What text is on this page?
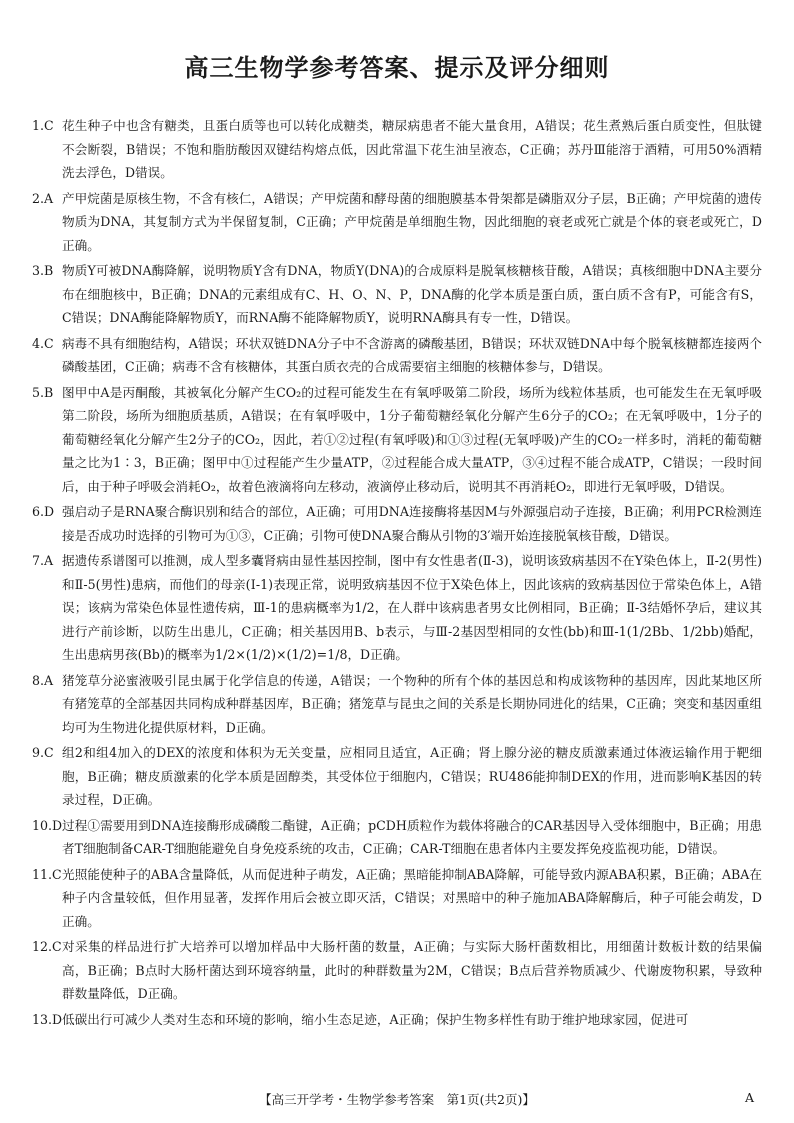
高三生物学参考答案、提示及评分细则
1.C 花生种子中也含有糖类，且蛋白质等也可以转化成糖类，糖尿病患者不能大量食用，A错误；花生煮熟后蛋白质变性，但肽键不会断裂，B错误；不饱和脂肪酸因双键结构熔点低，因此常温下花生油呈液态，C正确；苏丹Ⅲ能溶于酒精，可用50%酒精洗去浮色，D错误。
2.A 产甲烷菌是原核生物，不含有核仁，A错误；产甲烷菌和酵母菌的细胞膜基本骨架都是磷脂双分子层，B正确；产甲烷菌的遗传物质为DNA，其复制方式为半保留复制，C正确；产甲烷菌是单细胞生物，因此细胞的衰老或死亡就是个体的衰老或死亡，D正确。
3.B 物质Y可被DNA酶降解，说明物质Y含有DNA，物质Y(DNA)的合成原料是脱氧核糖核苷酸，A错误；真核细胞中DNA主要分布在细胞核中，B正确；DNA的元素组成有C、H、O、N、P，DNA酶的化学本质是蛋白质，蛋白质不含有P，可能含有S，C错误；DNA酶能降解物质Y，而RNA酶不能降解物质Y，说明RNA酶具有专一性，D错误。
4.C 病毒不具有细胞结构，A错误；环状双链DNA分子中不含游离的磷酸基团，B错误；环状双链DNA中每个脱氧核糖都连接两个磷酸基团，C正确；病毒不含有核糖体，其蛋白质衣壳的合成需要宿主细胞的核糖体参与，D错误。
5.B 图甲中A是丙酮酸，其被氧化分解产生CO₂的过程可能发生在有氧呼吸第二阶段，场所为线粒体基质，也可能发生在无氧呼吸第二阶段，场所为细胞质基质，A错误；在有氧呼吸中，1分子葡萄糖经氧化分解产生6分子的CO₂；在无氧呼吸中，1分子的葡萄糖经氧化分解产生2分子的CO₂，因此，若①②过程(有氧呼吸)和①③过程(无氧呼吸)产生的CO₂一样多时，消耗的葡萄糖量之比为1∶3，B正确；图甲中①过程能产生少量ATP，②过程能合成大量ATP，③④过程不能合成ATP，C错误；一段时间后，由于种子呼吸会消耗O₂，故着色液滴将向左移动，液滴停止移动后，说明其不再消耗O₂，即进行无氧呼吸，D错误。
6.D 强启动子是RNA聚合酶识别和结合的部位，A正确；可用DNA连接酶将基因M与外源强启动子连接，B正确；利用PCR检测连接是否成功时选择的引物可为①③，C正确；引物可使DNA聚合酶从引物的3′端开始连接脱氧核苷酸，D错误。
7.A 据遗传系谱图可以推测，成人型多囊肾病由显性基因控制，图中有女性患者(Ⅱ-3)，说明该致病基因不在Y染色体上，Ⅱ-2(男性)和Ⅱ-5(男性)患病，而他们的母亲(Ⅰ-1)表现正常，说明致病基因不位于X染色体上，因此该病的致病基因位于常染色体上，A错误；该病为常染色体显性遗传病，Ⅲ-1的患病概率为1/2，在人群中该病患者男女比例相同，B正确；Ⅱ-3结婚怀孕后，建议其进行产前诊断，以防生出患儿，C正确；相关基因用B、b表示，与Ⅲ-2基因型相同的女性(bb)和Ⅲ-1(1/2Bb、1/2bb)婚配，生出患病男孩(Bb)的概率为1/2×(1/2)×(1/2)=1/8，D正确。
8.A 猪笼草分泌蜜液吸引昆虫属于化学信息的传递，A错误；一个物种的所有个体的基因总和构成该物种的基因库，因此某地区所有猪笼草的全部基因共同构成种群基因库，B正确；猪笼草与昆虫之间的关系是长期协同进化的结果，C正确；突变和基因重组均可为生物进化提供原材料，D正确。
9.C 组2和组4加入的DEX的浓度和体积为无关变量，应相同且适宜，A正确；肾上腺分泌的糖皮质激素通过体液运输作用于靶细胞，B正确；糖皮质激素的化学本质是固醇类，其受体位于细胞内，C错误；RU486能抑制DEX的作用，进而影响K基因的转录过程，D正确。
10.D 过程①需要用到DNA连接酶形成磷酸二酯键，A正确；pCDH质粒作为载体将融合的CAR基因导入受体细胞中，B正确；用患者T细胞制备CAR-T细胞能避免自身免疫系统的攻击，C正确；CAR-T细胞在患者体内主要发挥免疫监视功能，D错误。
11.C 光照能使种子的ABA含量降低，从而促进种子萌发，A正确；黑暗能抑制ABA降解，可能导致内源ABA积累，B正确；ABA在种子内含量较低，但作用显著，发挥作用后会被立即灭活，C错误；对黑暗中的种子施加ABA降解酶后，种子可能会萌发，D正确。
12.C 对采集的样品进行扩大培养可以增加样品中大肠杆菌的数量，A正确；与实际大肠杆菌数相比，用细菌计数板计数的结果偏高，B正确；B点时大肠杆菌达到环境容纳量，此时的种群数量为2M，C错误；B点后营养物质减少、代谢废物积累，导致种群数量降低，D正确。
13.D 低碳出行可减少人类对生态和环境的影响，缩小生态足迹，A正确；保护生物多样性有助于维护地球家园，促进可
【高三开学考・生物学参考答案　第1页(共2页)】	A
